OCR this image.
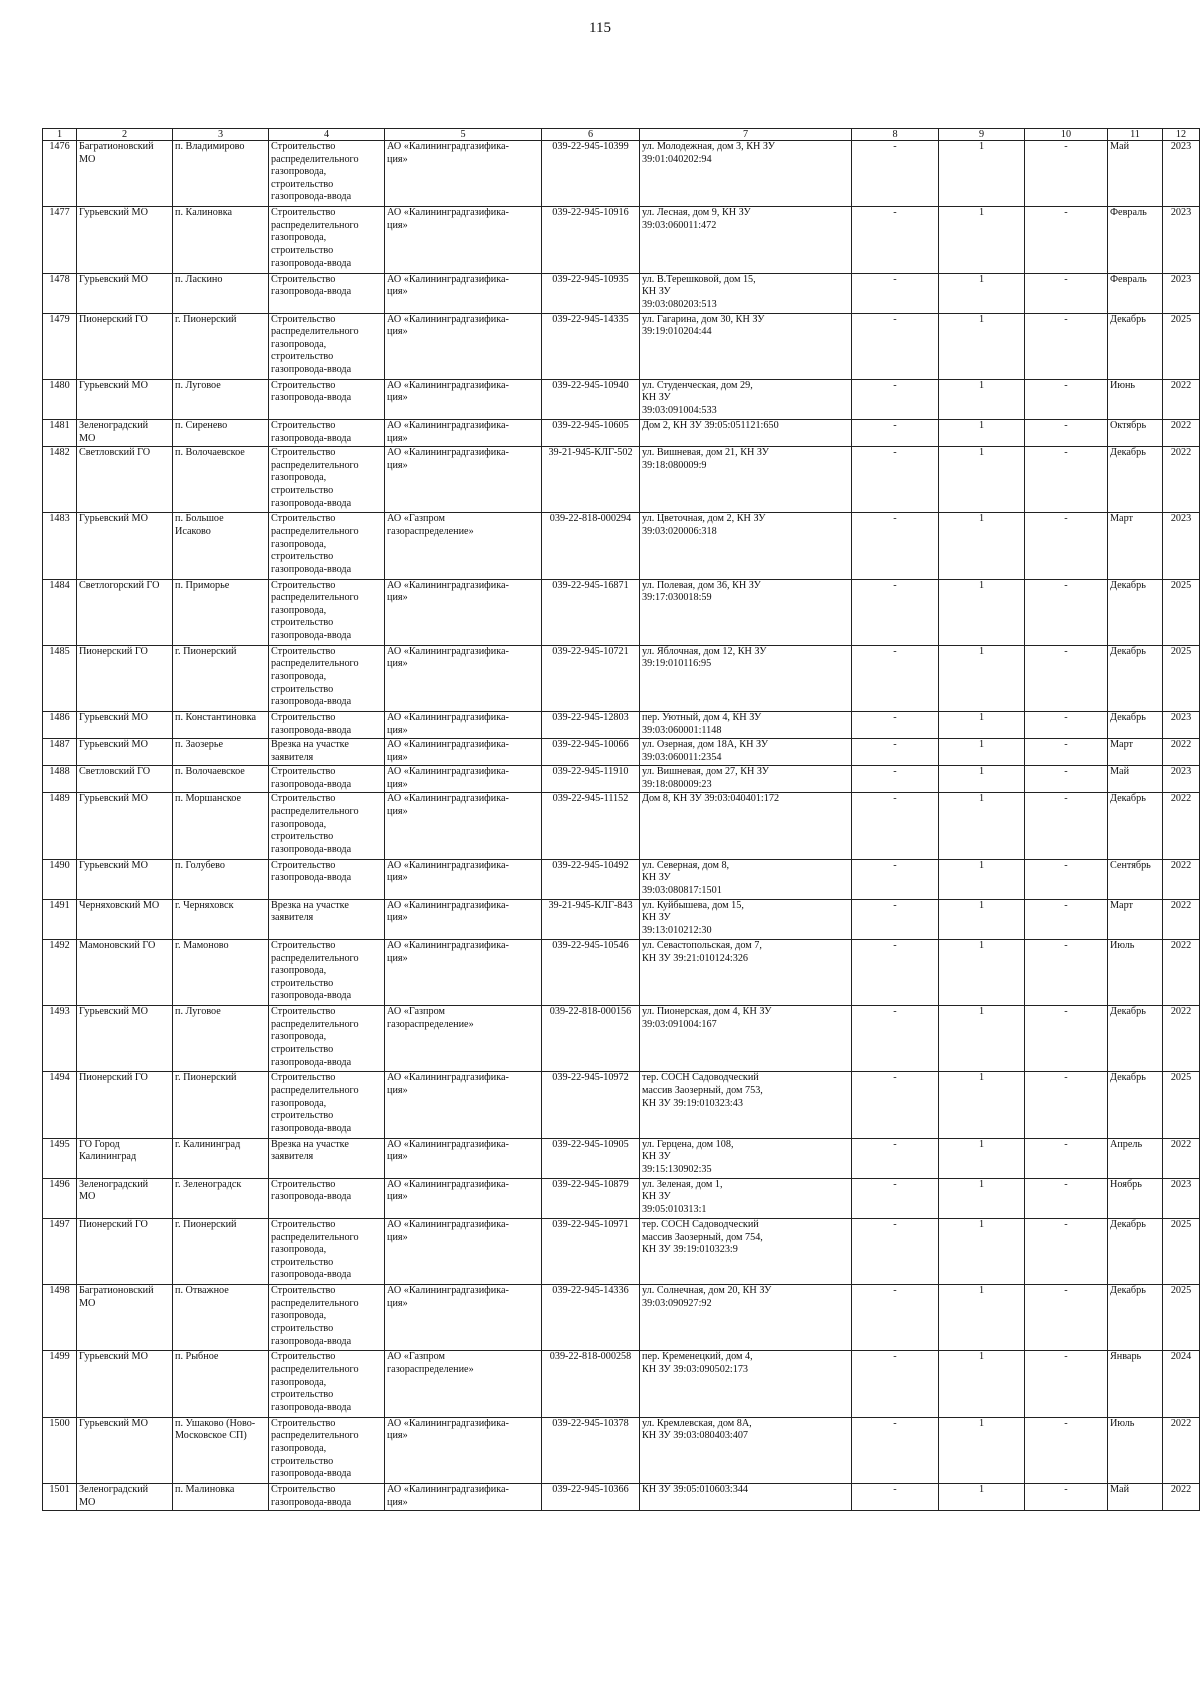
115
1	2	3	4	5	6	7	8	9	10	11	12

1476	Багратионовский
МО	п. Владимирово	Строительство
распределительного
газопровода,
строительство
газопровода-ввода	АО «Калининградгазифика-
ция»	039-22-945-10399	ул. Молодежная, дом 3, КН ЗУ
39:01:040202:94	-	1	-	Май	2023

1477	Гурьевский МО	п. Калиновка	Строительство
распределительного
газопровода,
строительство
газопровода-ввода	АО «Калининградгазифика-
ция»	039-22-945-10916	ул. Лесная, дом 9, КН ЗУ
39:03:060011:472	-	1	-	Февраль	2023

1478	Гурьевский МО	п. Ласкино	Строительство
газопровода-ввода	АО «Калининградгазифика-
ция»	039-22-945-10935	ул. В.Терешковой, дом 15,
КН ЗУ
39:03:080203:513	-	1	-	Февраль	2023

1479	Пионерский ГО	г. Пионерский	Строительство
распределительного
газопровода,
строительство
газопровода-ввода	АО «Калининградгазифика-
ция»	039-22-945-14335	ул. Гагарина, дом 30, КН ЗУ
39:19:010204:44	-	1	-	Декабрь	2025

1480	Гурьевский МО	п. Луговое	Строительство
газопровода-ввода	АО «Калининградгазифика-
ция»	039-22-945-10940	ул. Студенческая, дом 29,
КН ЗУ
39:03:091004:533	-	1	-	Июнь	2022

1481	Зеленоградский
МО	п. Сиренево	Строительство
газопровода-ввода	АО «Калининградгазифика-
ция»	039-22-945-10605	Дом 2, КН ЗУ 39:05:051121:650	-	1	-	Октябрь	2022

1482	Светловский ГО	п. Волочаевское	Строительство
распределительного
газопровода,
строительство
газопровода-ввода	АО «Калининградгазифика-
ция»	39-21-945-КЛГ-502	ул. Вишневая, дом 21, КН ЗУ
39:18:080009:9	-	1	-	Декабрь	2022

1483	Гурьевский МО	п. Большое
Исаково	Строительство
распределительного
газопровода,
строительство
газопровода-ввода	АО «Газпром
газораспределение»	039-22-818-000294	ул. Цветочная, дом 2, КН ЗУ
39:03:020006:318	-	1	-	Март	2023

1484	Светлогорский ГО	п. Приморье	Строительство
распределительного
газопровода,
строительство
газопровода-ввода	АО «Калининградгазифика-
ция»	039-22-945-16871	ул. Полевая, дом 36, КН ЗУ
39:17:030018:59	-	1	-	Декабрь	2025

1485	Пионерский ГО	г. Пионерский	Строительство
распределительного
газопровода,
строительство
газопровода-ввода	АО «Калининградгазифика-
ция»	039-22-945-10721	ул. Яблочная, дом 12, КН ЗУ
39:19:010116:95	-	1	-	Декабрь	2025

1486	Гурьевский МО	п. Константиновка	Строительство
газопровода-ввода	АО «Калининградгазифика-
ция»	039-22-945-12803	пер. Уютный, дом 4, КН ЗУ
39:03:060001:1148	-	1	-	Декабрь	2023

1487	Гурьевский МО	п. Заозерье	Врезка на участке
заявителя	АО «Калининградгазифика-
ция»	039-22-945-10066	ул. Озерная, дом 18А, КН ЗУ
39:03:060011:2354	-	1	-	Март	2022

1488	Светловский ГО	п. Волочаевское	Строительство
газопровода-ввода	АО «Калининградгазифика-
ция»	039-22-945-11910	ул. Вишневая, дом 27, КН ЗУ
39:18:080009:23	-	1	-	Май	2023

1489	Гурьевский МО	п. Моршанское	Строительство
распределительного
газопровода,
строительство
газопровода-ввода	АО «Калининградгазифика-
ция»	039-22-945-11152	Дом 8, КН ЗУ 39:03:040401:172	-	1	-	Декабрь	2022

1490	Гурьевский МО	п. Голубево	Строительство
газопровода-ввода	АО «Калининградгазифика-
ция»	039-22-945-10492	ул. Северная, дом 8,
КН ЗУ
39:03:080817:1501	-	1	-	Сентябрь	2022

1491	Черняховский МО	г. Черняховск	Врезка на участке
заявителя	АО «Калининградгазифика-
ция»	39-21-945-КЛГ-843	ул. Куйбышева, дом 15,
КН ЗУ
39:13:010212:30	-	1	-	Март	2022

1492	Мамоновский ГО	г. Мамоново	Строительство
распределительного
газопровода,
строительство
газопровода-ввода	АО «Калининградгазифика-
ция»	039-22-945-10546	ул. Севастопольская, дом 7,
КН ЗУ 39:21:010124:326	-	1	-	Июль	2022

1493	Гурьевский МО	п. Луговое	Строительство
распределительного
газопровода,
строительство
газопровода-ввода	АО «Газпром
газораспределение»	039-22-818-000156	ул. Пионерская, дом 4, КН ЗУ
39:03:091004:167	-	1	-	Декабрь	2022

1494	Пионерский ГО	г. Пионерский	Строительство
распределительного
газопровода,
строительство
газопровода-ввода	АО «Калининградгазифика-
ция»	039-22-945-10972	тер. СОСН Садоводческий
массив Заозерный, дом 753,
КН ЗУ 39:19:010323:43	-	1	-	Декабрь	2025

1495	ГО Город
Калининград	г. Калининград	Врезка на участке
заявителя	АО «Калининградгазифика-
ция»	039-22-945-10905	ул. Герцена, дом 108,
КН ЗУ
39:15:130902:35	-	1	-	Апрель	2022

1496	Зеленоградский
МО	г. Зеленоградск	Строительство
газопровода-ввода	АО «Калининградгазифика-
ция»	039-22-945-10879	ул. Зеленая, дом 1,
КН ЗУ
39:05:010313:1	-	1	-	Ноябрь	2023

1497	Пионерский ГО	г. Пионерский	Строительство
распределительного
газопровода,
строительство
газопровода-ввода	АО «Калининградгазифика-
ция»	039-22-945-10971	тер. СОСН Садоводческий
массив Заозерный, дом 754,
КН ЗУ 39:19:010323:9	-	1	-	Декабрь	2025

1498	Багратионовский
МО	п. Отважное	Строительство
распределительного
газопровода,
строительство
газопровода-ввода	АО «Калининградгазифика-
ция»	039-22-945-14336	ул. Солнечная, дом 20, КН ЗУ
39:03:090927:92	-	1	-	Декабрь	2025

1499	Гурьевский МО	п. Рыбное	Строительство
распределительного
газопровода,
строительство
газопровода-ввода	АО «Газпром
газораспределение»	039-22-818-000258	пер. Кременецкий, дом 4,
КН ЗУ 39:03:090502:173	-	1	-	Январь	2024

1500	Гурьевский МО	п. Ушаково (Ново-
Московское СП)	Строительство
распределительного
газопровода,
строительство
газопровода-ввода	АО «Калининградгазифика-
ция»	039-22-945-10378	ул. Кремлевская, дом 8А,
КН ЗУ 39:03:080403:407	-	1	-	Июль	2022

1501	Зеленоградский
МО	п. Малиновка	Строительство
газопровода-ввода	АО «Калининградгазифика-
ция»	039-22-945-10366	КН ЗУ 39:05:010603:344	-	1	-	Май	2022
